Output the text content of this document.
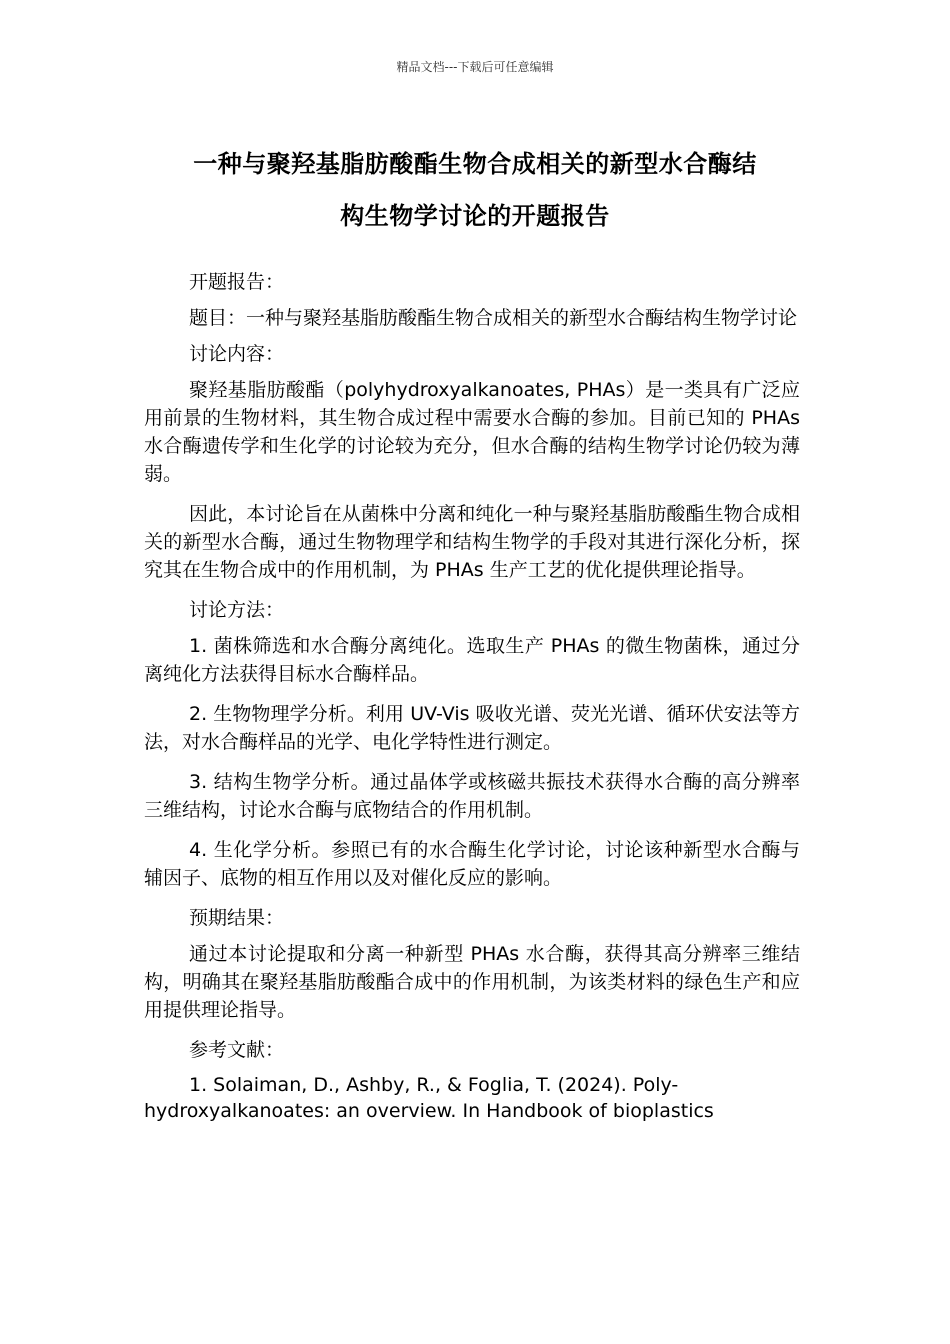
精品文档---下载后可任意编辑
一种与聚羟基脂肪酸酯生物合成相关的新型水合酶结
构生物学讨论的开题报告

开题报告：

题目：一种与聚羟基脂肪酸酯生物合成相关的新型水合酶结构生物学讨论

讨论内容：

聚羟基脂肪酸酯（polyhydroxyalkanoates, PHAs）是一类具有广泛应用前景的生物材料，其生物合成过程中需要水合酶的参加。目前已知的 PHAs 水合酶遗传学和生化学的讨论较为充分，但水合酶的结构生物学讨论仍较为薄弱。

因此，本讨论旨在从菌株中分离和纯化一种与聚羟基脂肪酸酯生物合成相关的新型水合酶，通过生物物理学和结构生物学的手段对其进行深化分析，探究其在生物合成中的作用机制，为 PHAs 生产工艺的优化提供理论指导。

讨论方法：

1. 菌株筛选和水合酶分离纯化。选取生产 PHAs 的微生物菌株，通过分离纯化方法获得目标水合酶样品。

2. 生物物理学分析。利用 UV-Vis 吸收光谱、荧光光谱、循环伏安法等方法，对水合酶样品的光学、电化学特性进行测定。

3. 结构生物学分析。通过晶体学或核磁共振技术获得水合酶的高分辨率三维结构，讨论水合酶与底物结合的作用机制。

4. 生化学分析。参照已有的水合酶生化学讨论，讨论该种新型水合酶与辅因子、底物的相互作用以及对催化反应的影响。

预期结果：

通过本讨论提取和分离一种新型 PHAs 水合酶，获得其高分辨率三维结构，明确其在聚羟基脂肪酸酯合成中的作用机制，为该类材料的绿色生产和应用提供理论指导。

参考文献：

1. Solaiman, D., Ashby, R., & Foglia, T. (2024). Poly-hydroxyalkanoates: an overview. In Handbook of bioplastics
